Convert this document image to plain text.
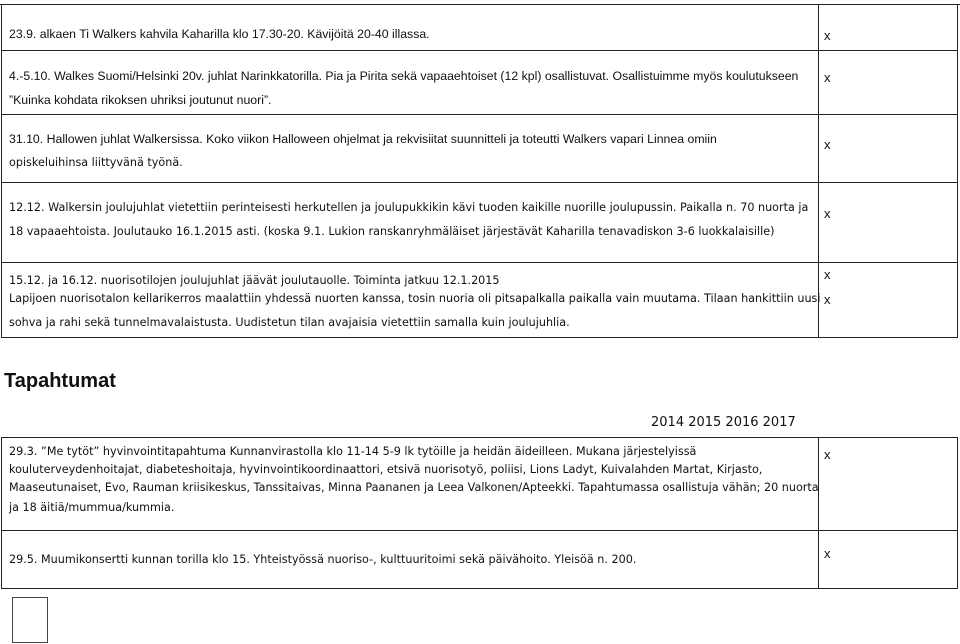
23.9. alkaen Ti Walkers kahvila Kaharilla klo 17.30-20. Kävijöitä 20-40 illassa.	x
4.-5.10. Walkes Suomi/Helsinki 20v. juhlat Narinkkatorilla. Pia ja Pirita sekä vapaaehtoiset (12 kpl) osallistuvat. Osallistuimme myös koulutukseen
”Kuinka kohdata rikoksen uhriksi joutunut nuori”.
x
31.10. Hallowen juhlat Walkersissa. Koko viikon Halloween ohjelmat ja rekvisiitat suunnitteli ja toteutti Walkers vapari Linnea omiin
opiskeluihinsa liittyvänä työnä.
x
12.12. Walkersin joulujuhlat vietettiin perinteisesti herkutellen ja joulupukkikin kävi tuoden kaikille nuorille joulupussin. Paikalla n. 70 nuorta ja
18 vapaaehtoista. Joulutauko 16.1.2015 asti. (koska 9.1. Lukion ranskanryhmäläiset järjestävät Kaharilla tenavadiskon 3-6 luokkalaisille)
x
15.12. ja 16.12. nuorisotilojen joulujuhlat jäävät joulutauolle. Toiminta jatkuu 12.1.2015
Lapijoen nuorisotalon kellarikerros maalattiin yhdessä nuorten kanssa, tosin nuoria oli pitsapalkalla paikalla vain muutama. Tilaan hankittiin uusi
sohva ja rahi sekä tunnelmavalaistusta. Uudistetun tilan avajaisia vietettiin samalla kuin joulujuhlia.
x
x
Tapahtumat
2014 2015 2016 2017
29.3. ”Me tytöt” hyvinvointitapahtuma Kunnanvirastolla klo 11-14 5-9 lk tytöille ja heidän äideilleen. Mukana järjestelyissä
kouluterveydenhoitajat, diabeteshoitaja, hyvinvointikoordinaattori, etsivä nuorisotyö, poliisi, Lions Ladyt, Kuivalahden Martat, Kirjasto,
Maaseutunaiset, Evo, Rauman kriisikeskus, Tanssitaivas, Minna Paananen ja Leea Valkonen/Apteekki. Tapahtumassa osallistuja vähän; 20 nuorta
ja 18 äitiä/mummua/kummia.
x
29.5. Muumikonsertti kunnan torilla klo 15. Yhteistyössä nuoriso-, kulttuuritoimi sekä päivähoito. Yleisöä n. 200.	x
